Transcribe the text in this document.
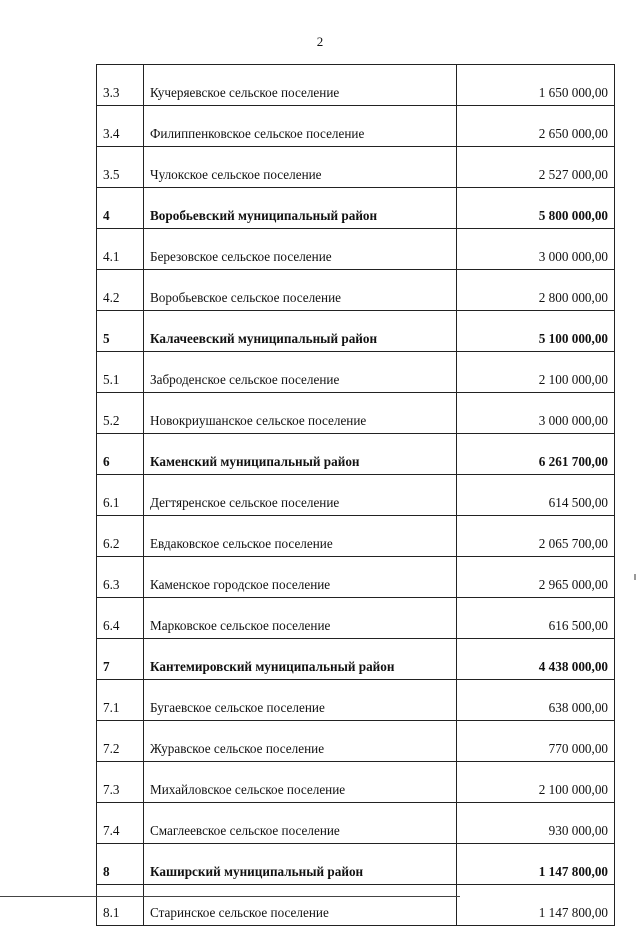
2
3.3	Кучеряевское сельское поселение	1 650 000,00
3.4	Филиппенковское сельское поселение	2 650 000,00
3.5	Чулокское сельское поселение	2 527 000,00
4	Воробьевский муниципальный район	5 800 000,00
4.1	Березовское сельское поселение	3 000 000,00
4.2	Воробьевское сельское поселение	2 800 000,00
5	Калачеевский муниципальный район	5 100 000,00
5.1	Заброденское сельское поселение	2 100 000,00
5.2	Новокриушанское сельское поселение	3 000 000,00
6	Каменский муниципальный район	6 261 700,00
6.1	Дегтяренское сельское поселение	614 500,00
6.2	Евдаковское сельское поселение	2 065 700,00
6.3	Каменское городское поселение	2 965 000,00
6.4	Марковское сельское поселение	616 500,00
7	Кантемировский муниципальный район	4 438 000,00
7.1	Бугаевское сельское поселение	638 000,00
7.2	Журавское сельское поселение	770 000,00
7.3	Михайловское сельское поселение	2 100 000,00
7.4	Смаглеевское сельское поселение	930 000,00
8	Каширский муниципальный район	1 147 800,00
8.1	Старинское сельское поселение	1 147 800,00
